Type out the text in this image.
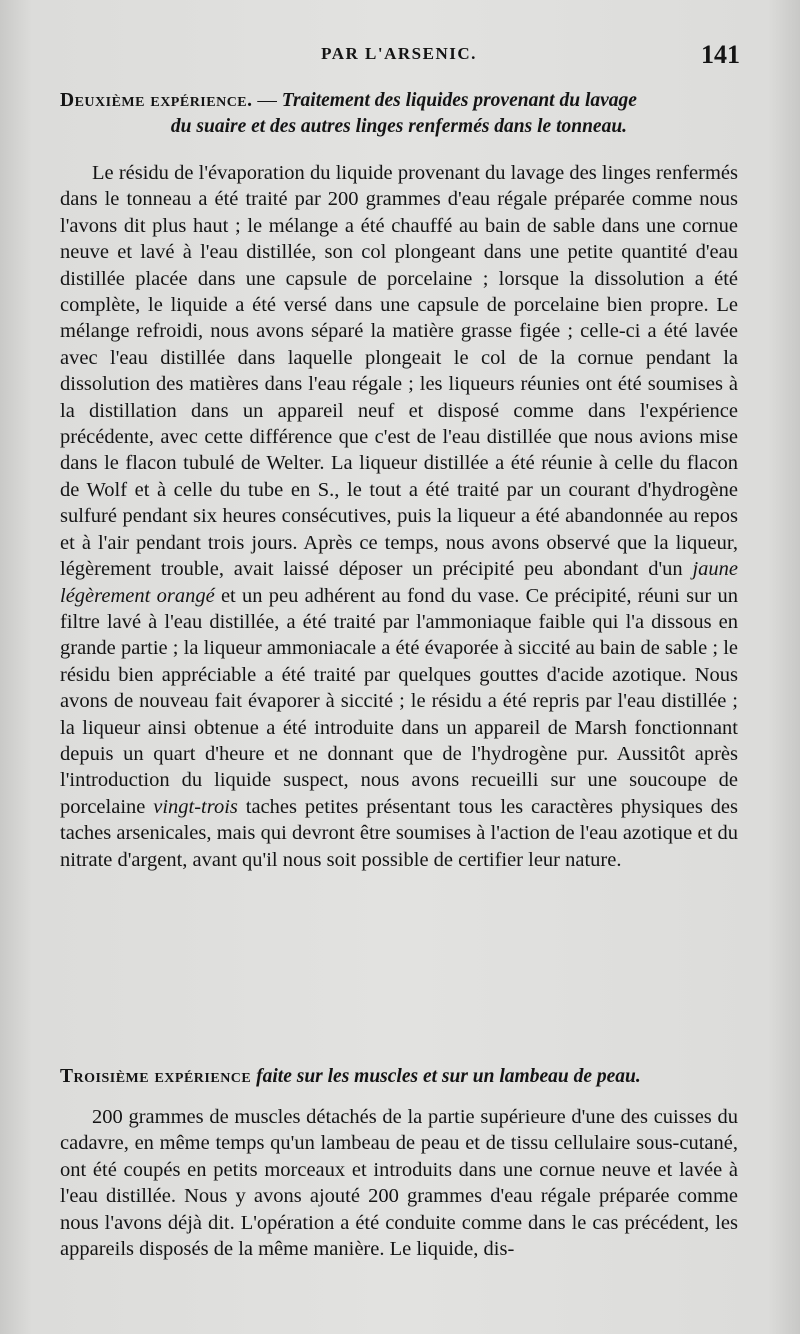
PAR L'ARSENIC.	141
Deuxième expérience. — Traitement des liquides provenant du lavage
du suaire et des autres linges renfermés dans le tonneau.

Le résidu de l'évaporation du liquide provenant du lavage des linges renfermés dans le tonneau a été traité par 200 grammes d'eau régale préparée comme nous l'avons dit plus haut ; le mélange a été chauffé au bain de sable dans une cornue neuve et lavé à l'eau distillée, son col plongeant dans une petite quantité d'eau distillée placée dans une capsule de porcelaine ; lorsque la dissolution a été complète, le liquide a été versé dans une capsule de porcelaine bien propre. Le mélange refroidi, nous avons séparé la matière grasse figée ; celle-ci a été lavée avec l'eau distillée dans laquelle plongeait le col de la cornue pendant la dissolution des matières dans l'eau régale ; les liqueurs réunies ont été soumises à la distillation dans un appareil neuf et disposé comme dans l'expérience précédente, avec cette différence que c'est de l'eau distillée que nous avions mise dans le flacon tubulé de Welter. La liqueur distillée a été réunie à celle du flacon de Wolf et à celle du tube en S., le tout a été traité par un courant d'hydrogène sulfuré pendant six heures consécutives, puis la liqueur a été abandonnée au repos et à l'air pendant trois jours. Après ce temps, nous avons observé que la liqueur, légèrement trouble, avait laissé déposer un précipité peu abondant d'un jaune légèrement orangé et un peu adhérent au fond du vase. Ce précipité, réuni sur un filtre lavé à l'eau distillée, a été traité par l'ammoniaque faible qui l'a dissous en grande partie ; la liqueur ammoniacale a été évaporée à siccité au bain de sable ; le résidu bien appréciable a été traité par quelques gouttes d'acide azotique. Nous avons de nouveau fait évaporer à siccité ; le résidu a été repris par l'eau distillée ; la liqueur ainsi obtenue a été introduite dans un appareil de Marsh fonctionnant depuis un quart d'heure et ne donnant que de l'hydrogène pur. Aussitôt après l'introduction du liquide suspect, nous avons recueilli sur une soucoupe de porcelaine vingt-trois taches petites présentant tous les caractères physiques des taches arsenicales, mais qui devront être soumises à l'action de l'eau azotique et du nitrate d'argent, avant qu'il nous soit possible de certifier leur nature.

Troisième expérience faite sur les muscles et sur un lambeau de peau.

200 grammes de muscles détachés de la partie supérieure d'une des cuisses du cadavre, en même temps qu'un lambeau de peau et de tissu cellulaire sous-cutané, ont été coupés en petits morceaux et introduits dans une cornue neuve et lavée à l'eau distillée. Nous y avons ajouté 200 grammes d'eau régale préparée comme nous l'avons déjà dit. L'opération a été conduite comme dans le cas précédent, les appareils disposés de la même manière. Le liquide, dis-
